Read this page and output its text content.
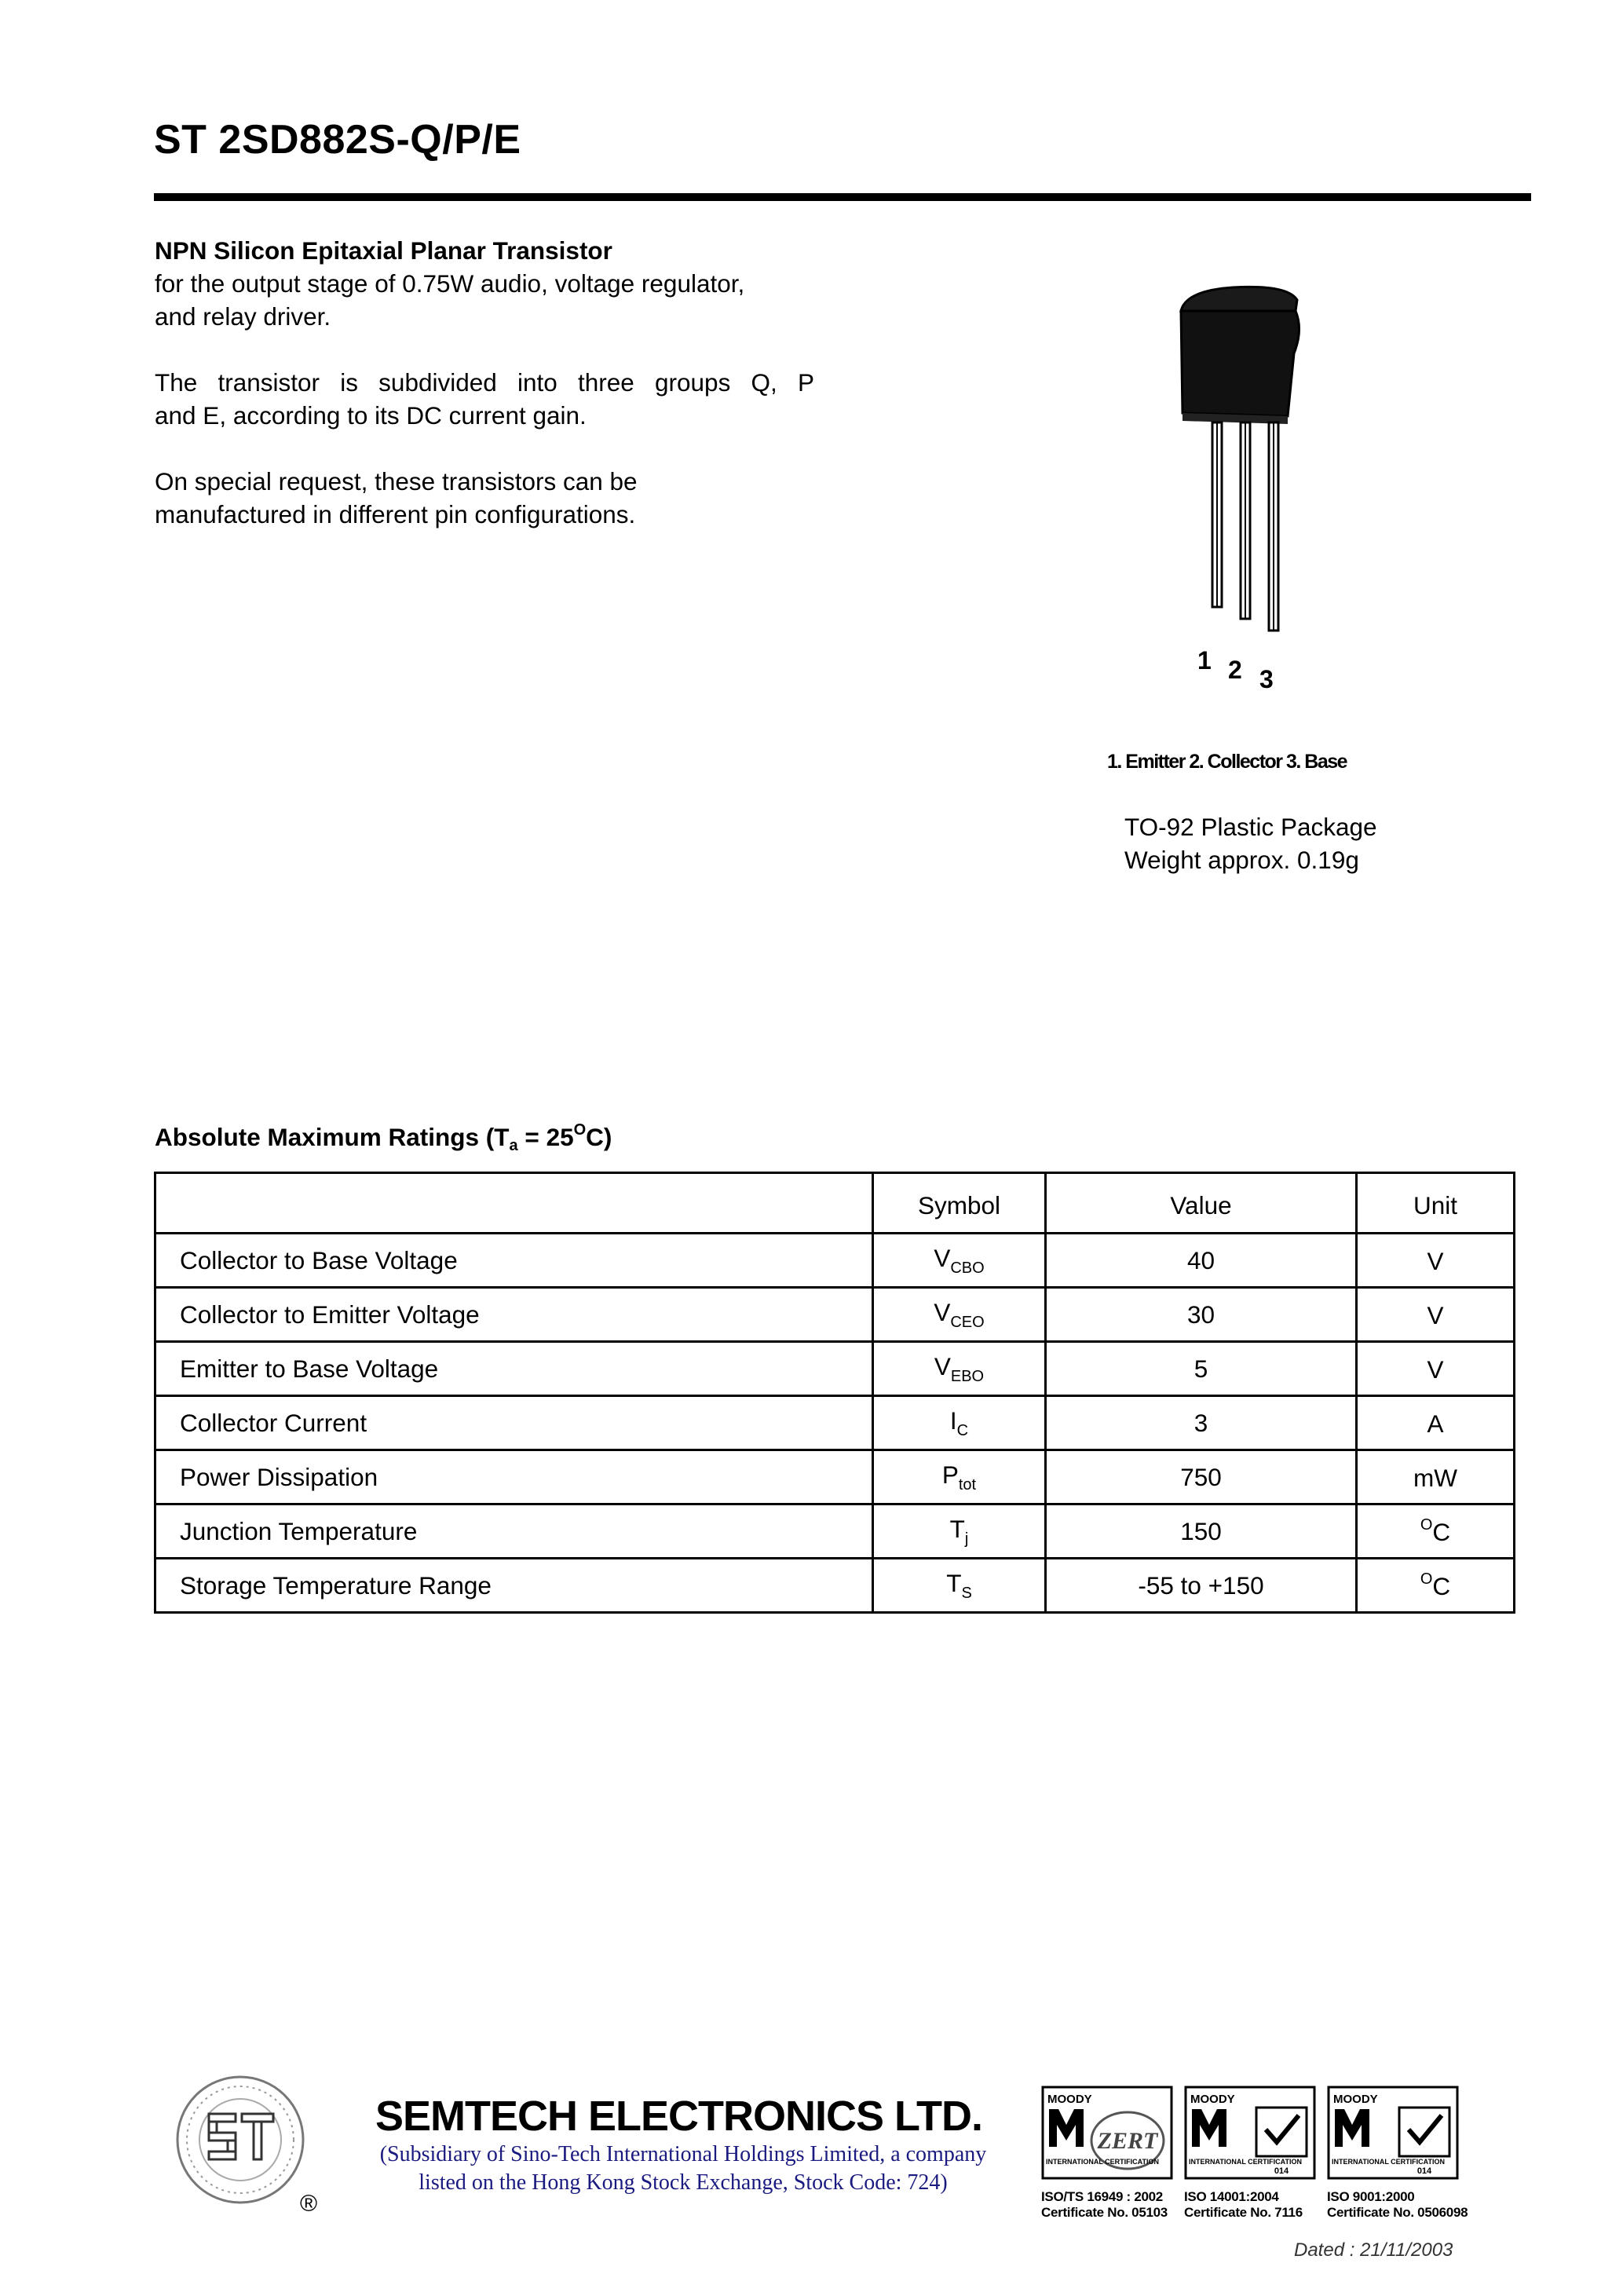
ST 2SD882S-Q/P/E
NPN Silicon Epitaxial Planar Transistor
for the output stage of 0.75W audio, voltage regulator,
and relay driver.
The transistor is subdivided into three groups Q, P
and E, according to its DC current gain.
On special request, these transistors can be
manufactured in different pin configurations.
1 2 3
1. Emitter 2. Collector 3. Base
TO-92 Plastic Package
Weight approx. 0.19g
Absolute Maximum Ratings $(T_a = 25^OC)$
	Symbol	Value	Unit
Collector to Base Voltage	$V_{CBO}$	40	V
Collector to Emitter Voltage	$V_{CEO}$	30	V
Emitter to Base Voltage	$V_{EBO}$	5	V
Collector Current	$I_C$	3	A
Power Dissipation	$P_{tot}$	750	mW
Junction Temperature	$T_j$	150	$^O$C
Storage Temperature Range	$T_S$	-55 to +150	$^O$C
®
SEMTECH ELECTRONICS LTD.
(Subsidiary of Sino-Tech International Holdings Limited, a company
listed on the Hong Kong Stock Exchange, Stock Code: 724)
MOODY
ZERT
INTERNATIONAL CERTIFICATION
ISO/TS 16949 : 2002
Certificate No. 05103
MOODY
014
INTERNATIONAL CERTIFICATION
ISO 14001:2004
Certificate No. 7116
MOODY
014
INTERNATIONAL CERTIFICATION
ISO 9001:2000
Certificate No. 0506098
Dated : 21/11/2003
